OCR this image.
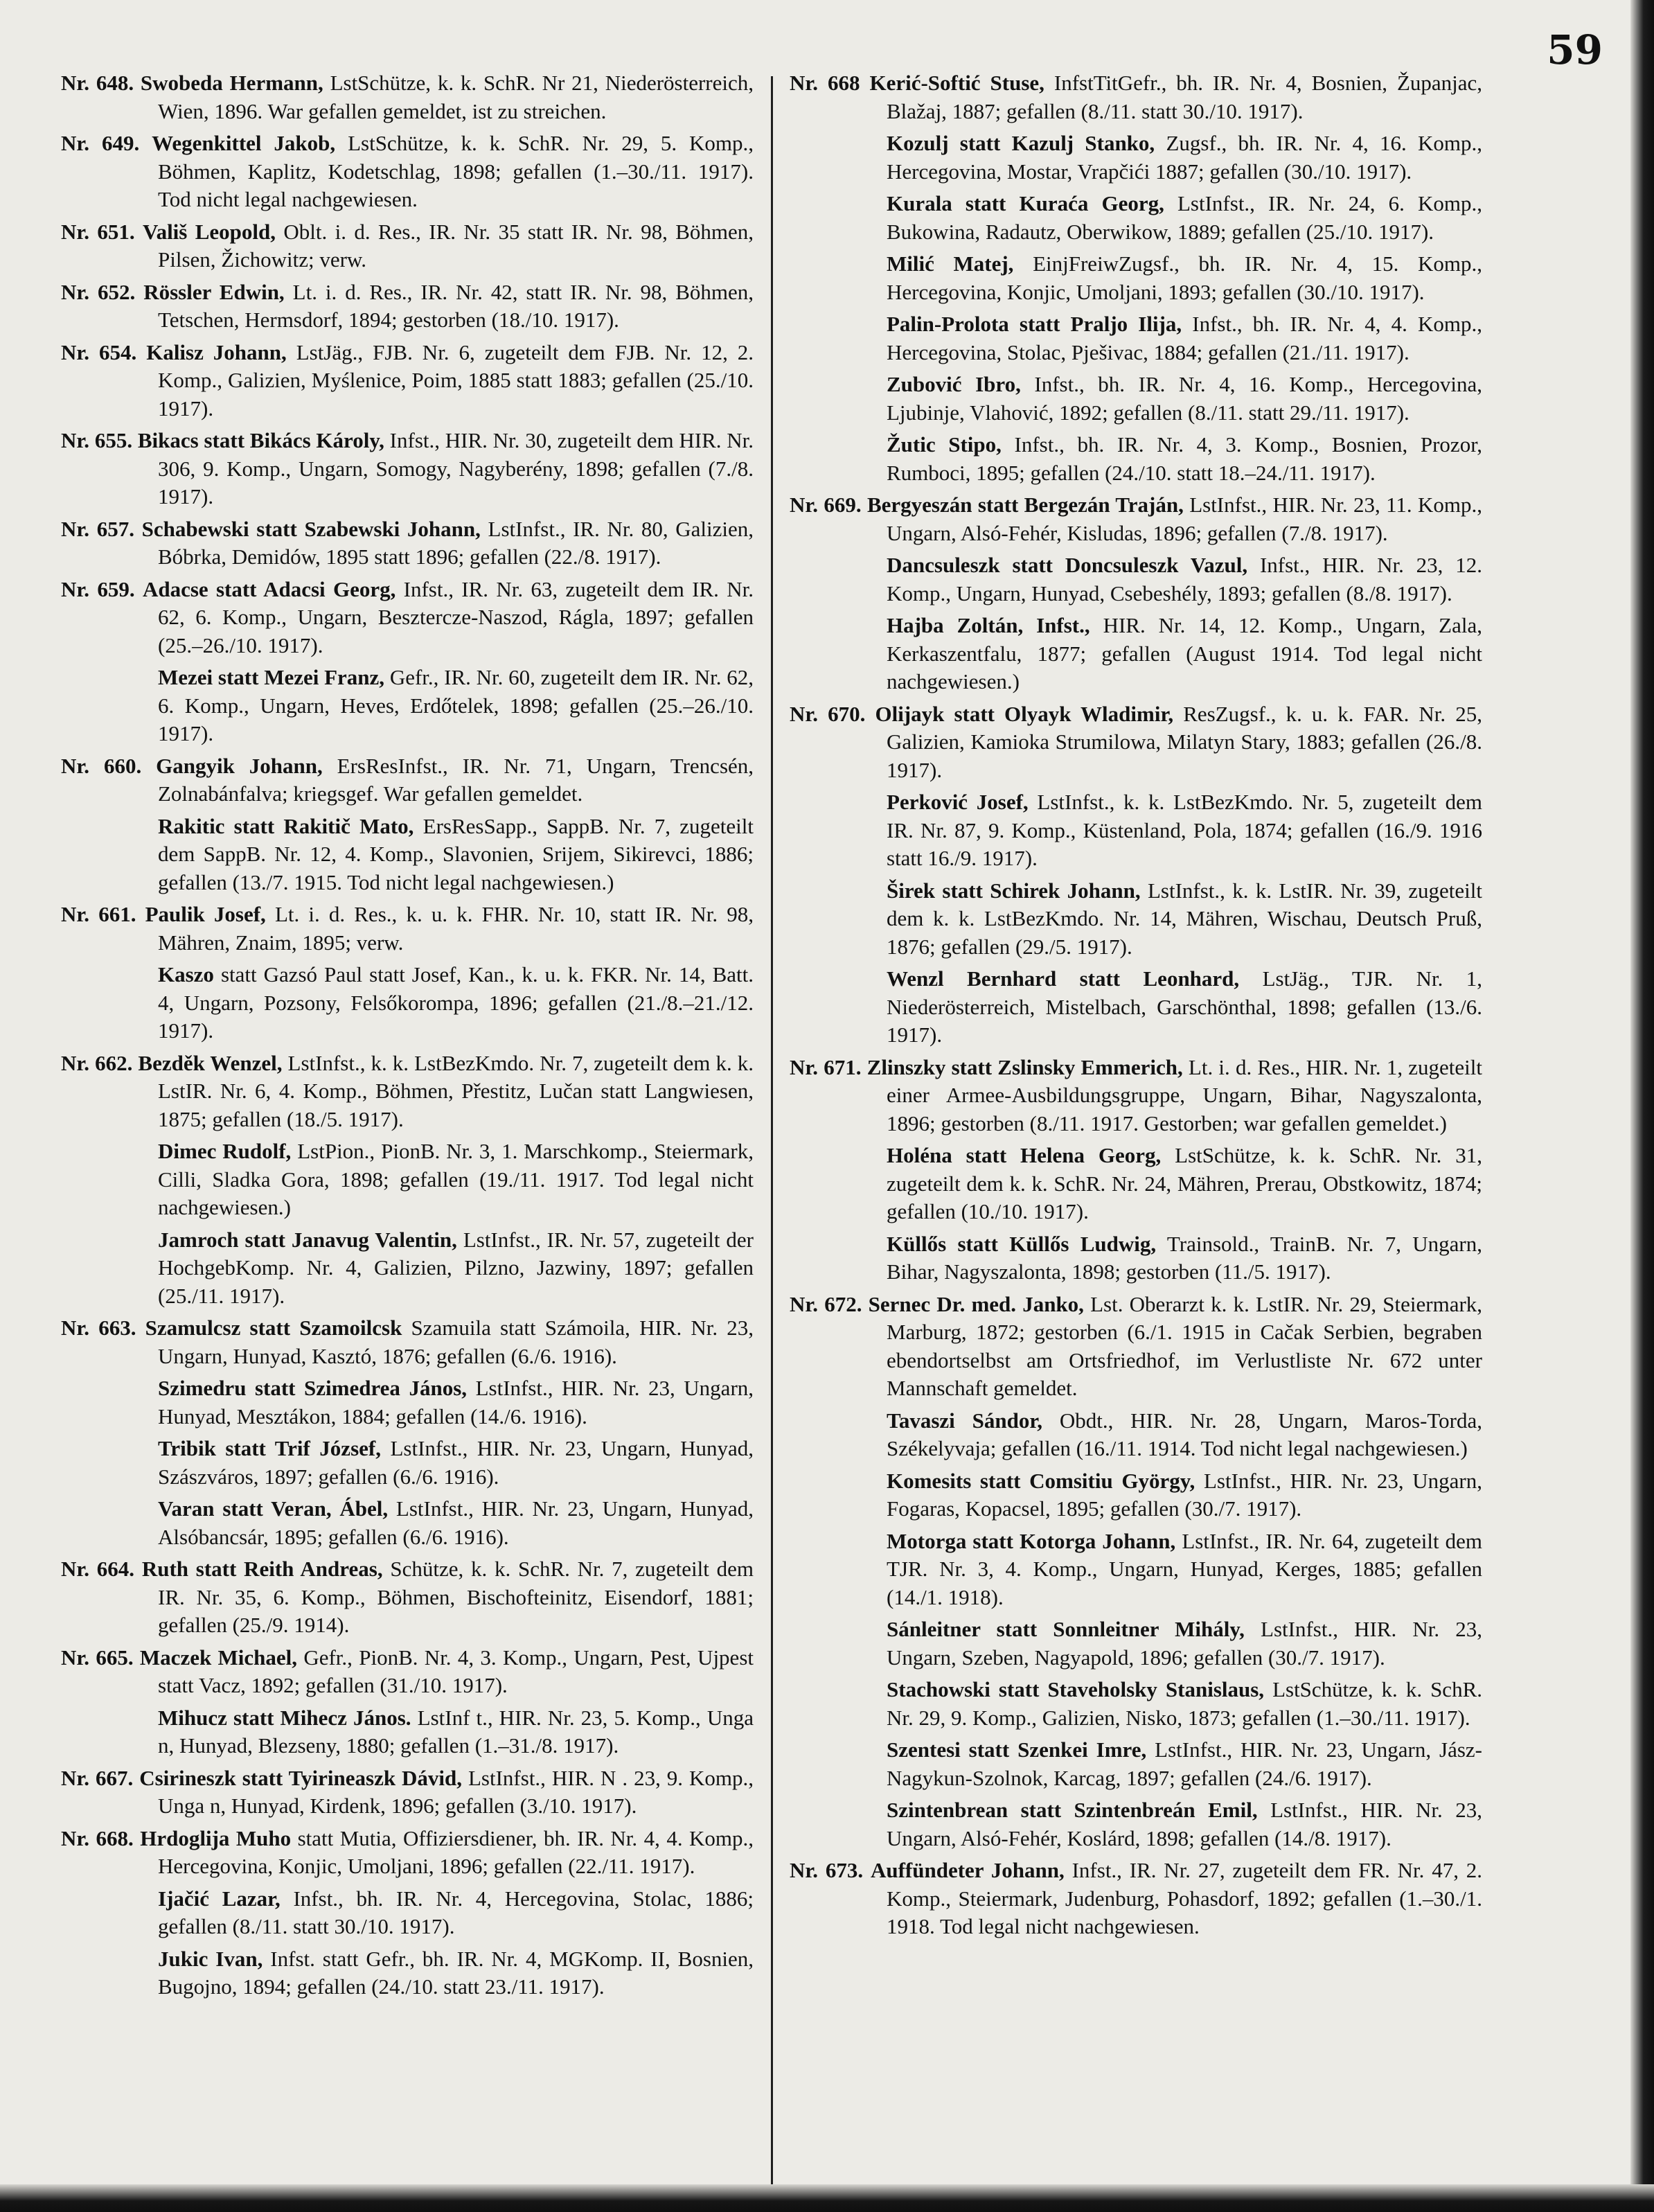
59

Nr. 648. Swobeda Hermann, LstSchütze, k. k. SchR. Nr 21, Niederösterreich, Wien, 1896. War gefallen gemeldet, ist zu streichen.

Nr. 649. Wegenkittel Jakob, LstSchütze, k. k. SchR. Nr. 29, 5. Komp., Böhmen, Kaplitz, Kodetschlag, 1898; gefallen (1.–30./11. 1917). Tod nicht legal nachgewiesen.

Nr. 651. Vališ Leopold, Oblt. i. d. Res., IR. Nr. 35 statt IR. Nr. 98, Böhmen, Pilsen, Žichowitz; verw.

Nr. 652. Rössler Edwin, Lt. i. d. Res., IR. Nr. 42, statt IR. Nr. 98, Böhmen, Tetschen, Hermsdorf, 1894; gestorben (18./10. 1917).

Nr. 654. Kalisz Johann, LstJäg., FJB. Nr. 6, zugeteilt dem FJB. Nr. 12, 2. Komp., Galizien, Myślenice, Poim, 1885 statt 1883; gefallen (25./10. 1917).

Nr. 655. Bikacs statt Bikács Károly, Infst., HIR. Nr. 30, zugeteilt dem HIR. Nr. 306, 9. Komp., Ungarn, Somogy, Nagyberény, 1898; gefallen (7./8. 1917).

Nr. 657. Schabewski statt Szabewski Johann, LstInfst., IR. Nr. 80, Galizien, Bóbrka, Demidów, 1895 statt 1896; gefallen (22./8. 1917).

Nr. 659. Adacse statt Adacsi Georg, Infst., IR. Nr. 63, zugeteilt dem IR. Nr. 62, 6. Komp., Ungarn, Besztercze-Naszod, Rágla, 1897; gefallen (25.–26./10. 1917).

Mezei statt Mezei Franz, Gefr., IR. Nr. 60, zugeteilt dem IR. Nr. 62, 6. Komp., Ungarn, Heves, Erdőtelek, 1898; gefallen (25.–26./10. 1917).

Nr. 660. Gangyik Johann, ErsResInfst., IR. Nr. 71, Ungarn, Trencsén, Zolnabánfalva; kriegsgef. War gefallen gemeldet.

Rakitic statt Rakitič Mato, ErsResSapp., SappB. Nr. 7, zugeteilt dem SappB. Nr. 12, 4. Komp., Slavonien, Srijem, Sikirevci, 1886; gefallen (13./7. 1915. Tod nicht legal nachgewiesen.)

Nr. 661. Paulik Josef, Lt. i. d. Res., k. u. k. FHR. Nr. 10, statt IR. Nr. 98, Mähren, Znaim, 1895; verw.

Kaszo statt Gazsó Paul statt Josef, Kan., k. u. k. FKR. Nr. 14, Batt. 4, Ungarn, Pozsony, Felsőkorompa, 1896; gefallen (21./8.–21./12. 1917).

Nr. 662. Bezděk Wenzel, LstInfst., k. k. LstBezKmdo. Nr. 7, zugeteilt dem k. k. LstIR. Nr. 6, 4. Komp., Böhmen, Přestitz, Lučan statt Langwiesen, 1875; gefallen (18./5. 1917).

Dimec Rudolf, LstPion., PionB. Nr. 3, 1. Marschkomp., Steiermark, Cilli, Sladka Gora, 1898; gefallen (19./11. 1917. Tod legal nicht nachgewiesen.)

Jamroch statt Janavug Valentin, LstInfst., IR. Nr. 57, zugeteilt der HochgebKomp. Nr. 4, Galizien, Pilzno, Jazwiny, 1897; gefallen (25./11. 1917).

Nr. 663. Szamulcsz statt Szamoilcsk Szamuila statt Számoila, HIR. Nr. 23, Ungarn, Hunyad, Kasztó, 1876; gefallen (6./6. 1916).

Szimedru statt Szimedrea János, LstInfst., HIR. Nr. 23, Ungarn, Hunyad, Mesztákon, 1884; gefallen (14./6. 1916).

Tribik statt Trif József, LstInfst., HIR. Nr. 23, Ungarn, Hunyad, Szászváros, 1897; gefallen (6./6. 1916).

Varan statt Veran, Ábel, LstInfst., HIR. Nr. 23, Ungarn, Hunyad, Alsóbancsár, 1895; gefallen (6./6. 1916).

Nr. 664. Ruth statt Reith Andreas, Schütze, k. k. SchR. Nr. 7, zugeteilt dem IR. Nr. 35, 6. Komp., Böhmen, Bischofteinitz, Eisendorf, 1881; gefallen (25./9. 1914).

Nr. 665. Maczek Michael, Gefr., PionB. Nr. 4, 3. Komp., Ungarn, Pest, Ujpest statt Vacz, 1892; gefallen (31./10. 1917).

Mihucz statt Mihecz János. LstInf t., HIR. Nr. 23, 5. Komp., Unga n, Hunyad, Blezseny, 1880; gefallen (1.–31./8. 1917).

Nr. 667. Csirineszk statt Tyirineaszk Dávid, LstInfst., HIR. N . 23, 9. Komp., Unga n, Hunyad, Kirdenk, 1896; gefallen (3./10. 1917).

Nr. 668. Hrdoglija Muho statt Mutia, Offiziersdiener, bh. IR. Nr. 4, 4. Komp., Hercegovina, Konjic, Umoljani, 1896; gefallen (22./11. 1917).

Ijačić Lazar, Infst., bh. IR. Nr. 4, Hercegovina, Stolac, 1886; gefallen (8./11. statt 30./10. 1917).

Jukic Ivan, Infst. statt Gefr., bh. IR. Nr. 4, MGKomp. II, Bosnien, Bugojno, 1894; gefallen (24./10. statt 23./11. 1917).

Nr. 668 Kerić-Softić Stuse, InfstTitGefr., bh. IR. Nr. 4, Bosnien, Županjac, Blažaj, 1887; gefallen (8./11. statt 30./10. 1917).

Kozulj statt Kazulj Stanko, Zugsf., bh. IR. Nr. 4, 16. Komp., Hercegovina, Mostar, Vrapčići 1887; gefallen (30./10. 1917).

Kurala statt Kuraća Georg, LstInfst., IR. Nr. 24, 6. Komp., Bukowina, Radautz, Oberwikow, 1889; gefallen (25./10. 1917).

Milić Matej, EinjFreiwZugsf., bh. IR. Nr. 4, 15. Komp., Hercegovina, Konjic, Umoljani, 1893; gefallen (30./10. 1917).

Palin-Prolota statt Praljo Ilija, Infst., bh. IR. Nr. 4, 4. Komp., Hercegovina, Stolac, Pješivac, 1884; gefallen (21./11. 1917).

Zubović Ibro, Infst., bh. IR. Nr. 4, 16. Komp., Hercegovina, Ljubinje, Vlahović, 1892; gefallen (8./11. statt 29./11. 1917).

Žutic Stipo, Infst., bh. IR. Nr. 4, 3. Komp., Bosnien, Prozor, Rumboci, 1895; gefallen (24./10. statt 18.–24./11. 1917).

Nr. 669. Bergyeszán statt Bergezán Traján, LstInfst., HIR. Nr. 23, 11. Komp., Ungarn, Alsó-Fehér, Kisludas, 1896; gefallen (7./8. 1917).

Dancsuleszk statt Doncsuleszk Vazul, Infst., HIR. Nr. 23, 12. Komp., Ungarn, Hunyad, Csebeshély, 1893; gefallen (8./8. 1917).

Hajba Zoltán, Infst., HIR. Nr. 14, 12. Komp., Ungarn, Zala, Kerkaszentfalu, 1877; gefallen (August 1914. Tod legal nicht nachgewiesen.)

Nr. 670. Olijayk statt Olyayk Wladimir, ResZugsf., k. u. k. FAR. Nr. 25, Galizien, Kamioka Strumilowa, Milatyn Stary, 1883; gefallen (26./8. 1917).

Perković Josef, LstInfst., k. k. LstBezKmdo. Nr. 5, zugeteilt dem IR. Nr. 87, 9. Komp., Küstenland, Pola, 1874; gefallen (16./9. 1916 statt 16./9. 1917).

Širek statt Schirek Johann, LstInfst., k. k. LstIR. Nr. 39, zugeteilt dem k. k. LstBezKmdo. Nr. 14, Mähren, Wischau, Deutsch Pruß, 1876; gefallen (29./5. 1917).

Wenzl Bernhard statt Leonhard, LstJäg., TJR. Nr. 1, Niederösterreich, Mistelbach, Garschönthal, 1898; gefallen (13./6. 1917).

Nr. 671. Zlinszky statt Zslinsky Emmerich, Lt. i. d. Res., HIR. Nr. 1, zugeteilt einer Armee-Ausbildungsgruppe, Ungarn, Bihar, Nagyszalonta, 1896; gestorben (8./11. 1917. Gestorben; war gefallen gemeldet.)

Holéna statt Helena Georg, LstSchütze, k. k. SchR. Nr. 31, zugeteilt dem k. k. SchR. Nr. 24, Mähren, Prerau, Obstkowitz, 1874; gefallen (10./10. 1917).

Küllős statt Küllős Ludwig, Trainsold., TrainB. Nr. 7, Ungarn, Bihar, Nagyszalonta, 1898; gestorben (11./5. 1917).

Nr. 672. Sernec Dr. med. Janko, Lst. Oberarzt k. k. LstIR. Nr. 29, Steiermark, Marburg, 1872; gestorben (6./1. 1915 in Cačak Serbien, begraben ebendortselbst am Ortsfriedhof, im Verlustliste Nr. 672 unter Mannschaft gemeldet.

Tavaszi Sándor, Obdt., HIR. Nr. 28, Ungarn, Maros-Torda, Székelyvaja; gefallen (16./11. 1914. Tod nicht legal nachgewiesen.)

Komesits statt Comsitiu György, LstInfst., HIR. Nr. 23, Ungarn, Fogaras, Kopacsel, 1895; gefallen (30./7. 1917).

Motorga statt Kotorga Johann, LstInfst., IR. Nr. 64, zugeteilt dem TJR. Nr. 3, 4. Komp., Ungarn, Hunyad, Kerges, 1885; gefallen (14./1. 1918).

Sánleitner statt Sonnleitner Mihály, LstInfst., HIR. Nr. 23, Ungarn, Szeben, Nagyapold, 1896; gefallen (30./7. 1917).

Stachowski statt Staveholsky Stanislaus, LstSchütze, k. k. SchR. Nr. 29, 9. Komp., Galizien, Nisko, 1873; gefallen (1.–30./11. 1917).

Szentesi statt Szenkei Imre, LstInfst., HIR. Nr. 23, Ungarn, Jász-Nagykun-Szolnok, Karcag, 1897; gefallen (24./6. 1917).

Szintenbrean statt Szintenbreán Emil, LstInfst., HIR. Nr. 23, Ungarn, Alsó-Fehér, Koslárd, 1898; gefallen (14./8. 1917).

Nr. 673. Auffündeter Johann, Infst., IR. Nr. 27, zugeteilt dem FR. Nr. 47, 2. Komp., Steiermark, Judenburg, Pohasdorf, 1892; gefallen (1.–30./1. 1918. Tod legal nicht nachgewiesen.
